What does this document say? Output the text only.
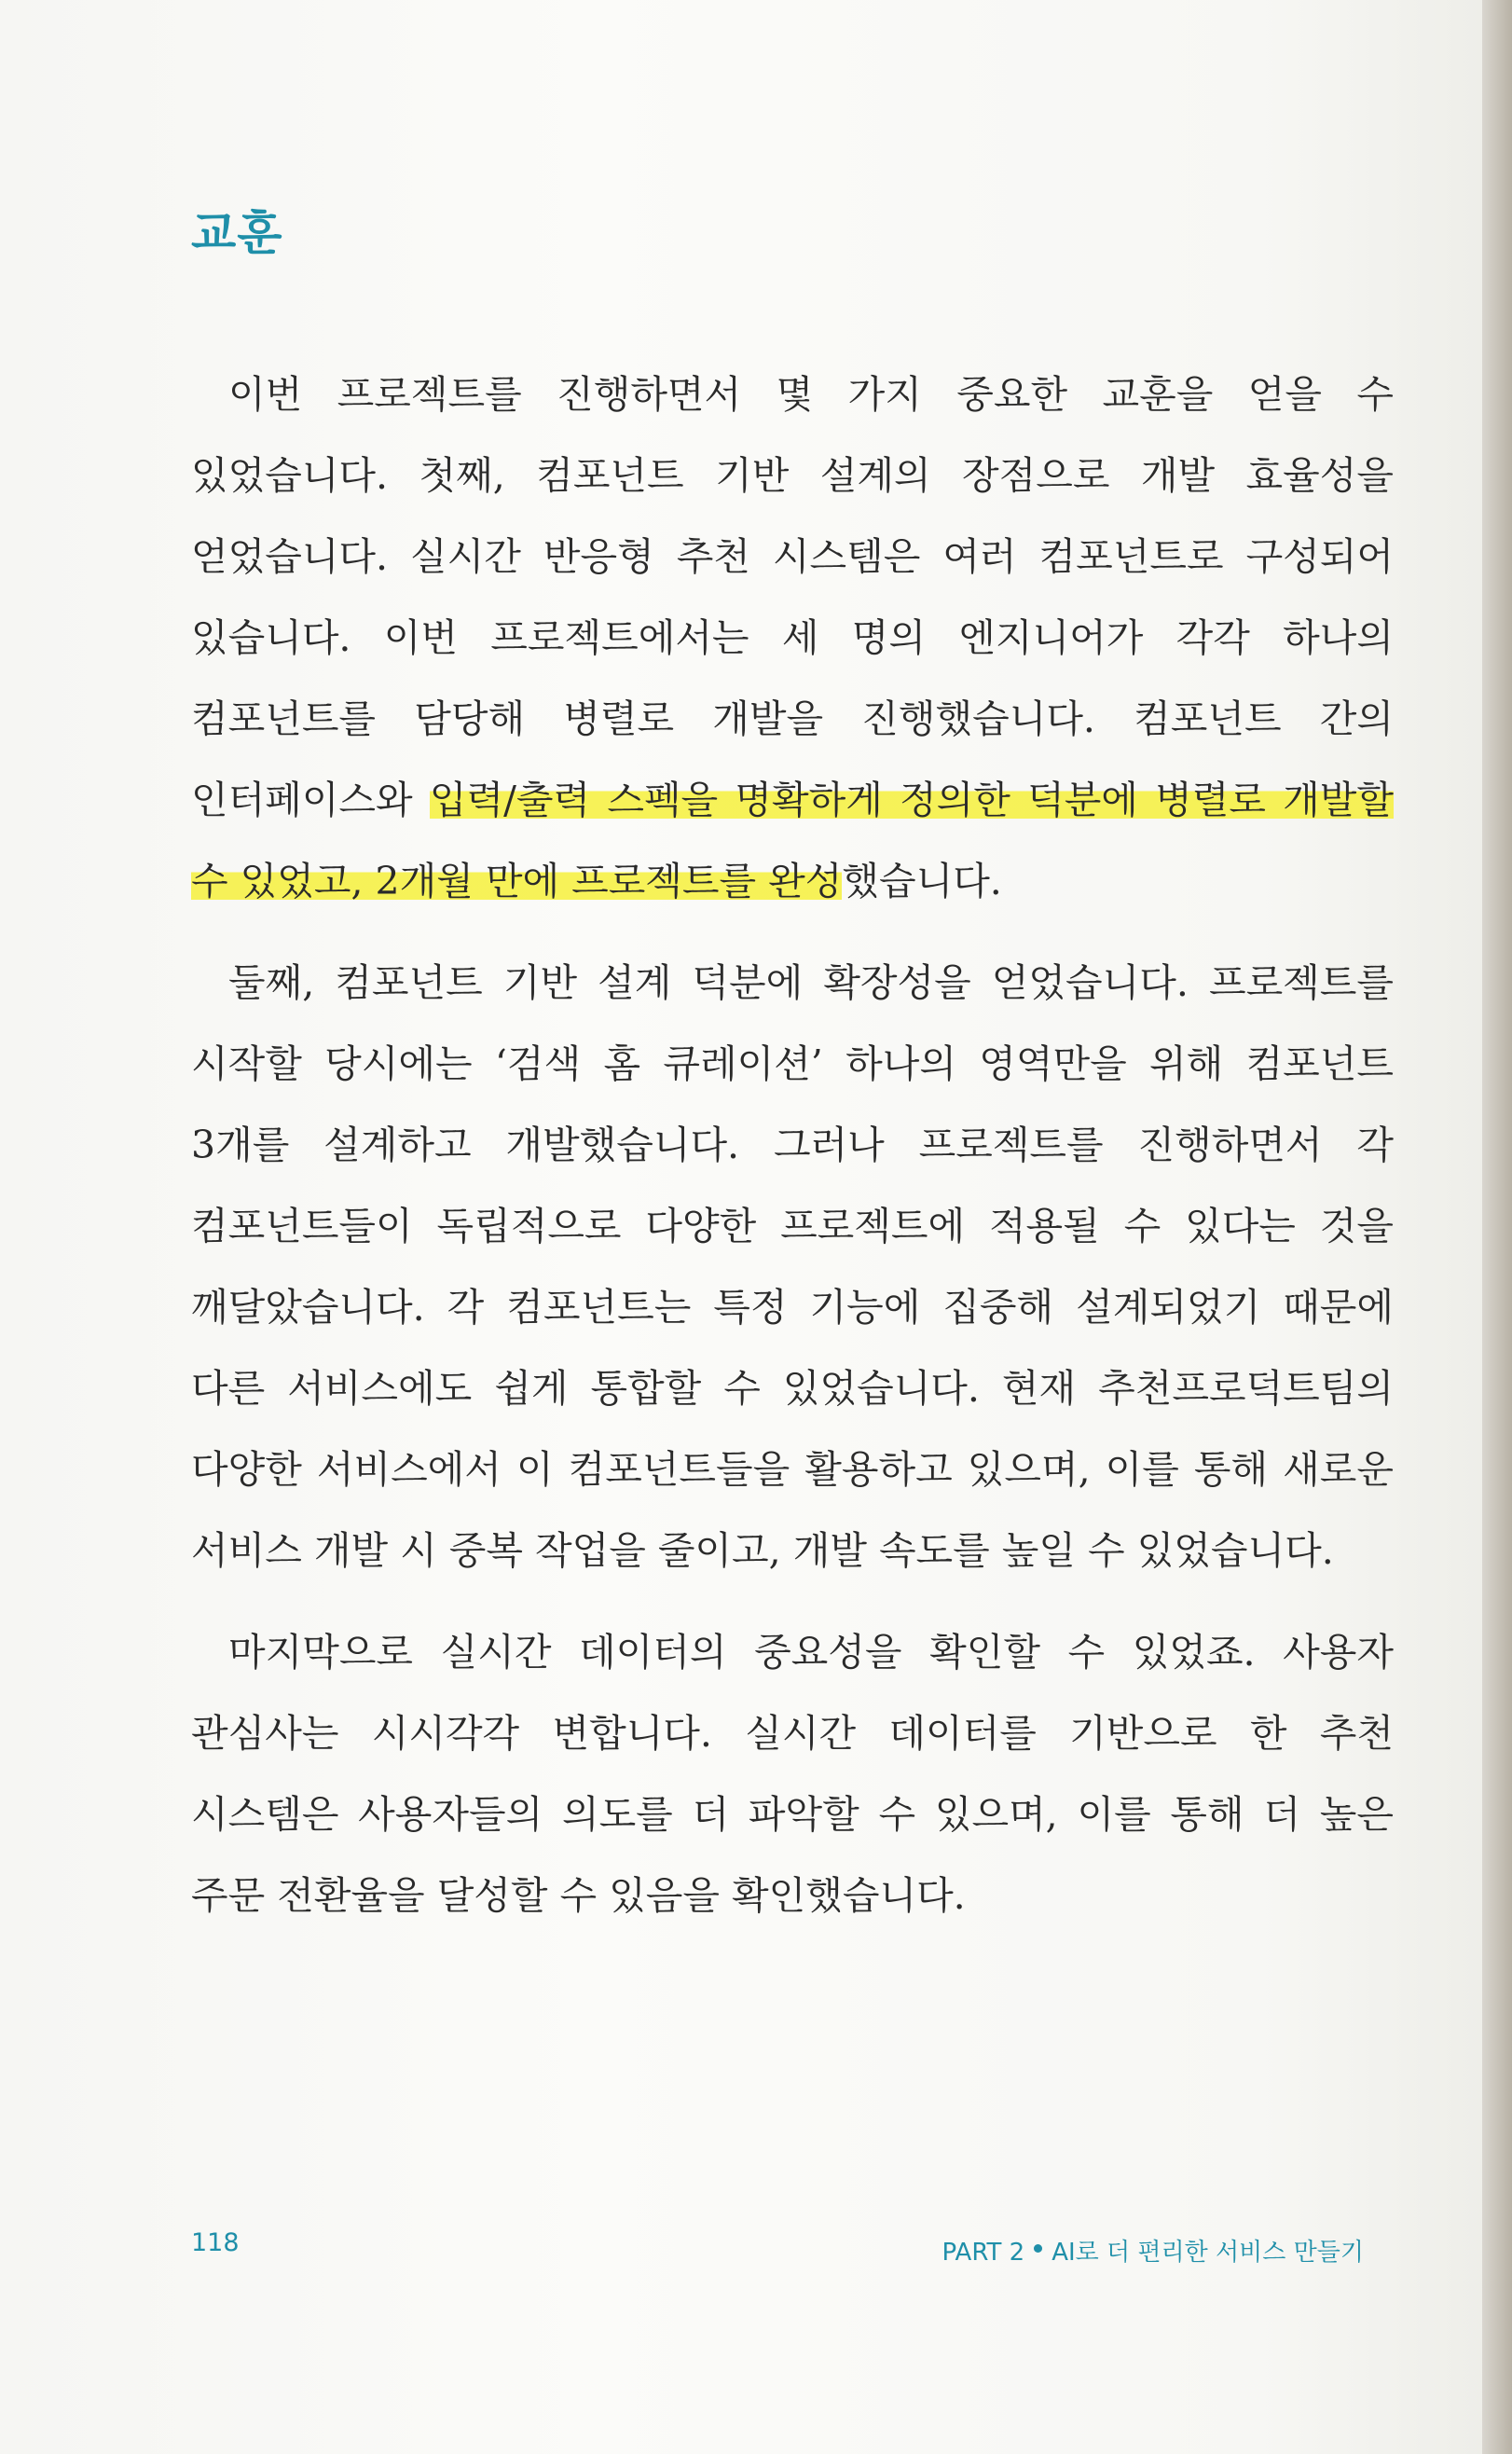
교훈

이번 프로젝트를 진행하면서 몇 가지 중요한 교훈을 얻을 수 있었습니다. 첫째, 컴포넌트 기반 설계의 장점으로 개발 효율성을 얻었습니다. 실시간 반응형 추천 시스템은 여러 컴포넌트로 구성되어 있습니다. 이번 프로젝트에서는 세 명의 엔지니어가 각각 하나의 컴포넌트를 담당해 병렬로 개발을 진행했습니다. 컴포넌트 간의 인터페이스와 입력/출력 스펙을 명확하게 정의한 덕분에 병렬로 개발할 수 있었고, 2개월 만에 프로젝트를 완성했습니다.

둘째, 컴포넌트 기반 설계 덕분에 확장성을 얻었습니다. 프로젝트를 시작할 당시에는 ‘검색 홈 큐레이션’ 하나의 영역만을 위해 컴포넌트 3개를 설계하고 개발했습니다. 그러나 프로젝트를 진행하면서 각 컴포넌트들이 독립적으로 다양한 프로젝트에 적용될 수 있다는 것을 깨달았습니다. 각 컴포넌트는 특정 기능에 집중해 설계되었기 때문에 다른 서비스에도 쉽게 통합할 수 있었습니다. 현재 추천프로덕트팀의 다양한 서비스에서 이 컴포넌트들을 활용하고 있으며, 이를 통해 새로운 서비스 개발 시 중복 작업을 줄이고, 개발 속도를 높일 수 있었습니다.

마지막으로 실시간 데이터의 중요성을 확인할 수 있었죠. 사용자 관심사는 시시각각 변합니다. 실시간 데이터를 기반으로 한 추천 시스템은 사용자들의 의도를 더 파악할 수 있으며, 이를 통해 더 높은 주문 전환율을 달성할 수 있음을 확인했습니다.

118	PART 2 AI로 더 편리한 서비스 만들기
